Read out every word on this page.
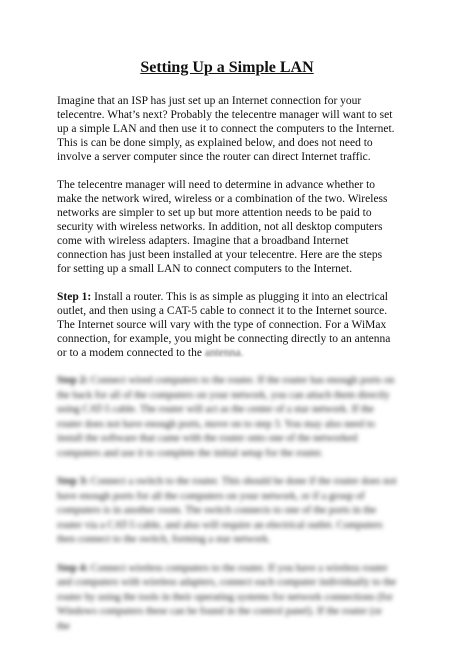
Setting Up a Simple LAN

Imagine that an ISP has just set up an Internet connection for your telecentre. What’s next? Probably the telecentre manager will want to set up a simple LAN and then use it to connect the computers to the Internet. This is can be done simply, as explained below, and does not need to involve a server computer since the router can direct Internet traffic.

The telecentre manager will need to determine in advance whether to make the network wired, wireless or a combination of the two. Wireless networks are simpler to set up but more attention needs to be paid to security with wireless networks. In addition, not all desktop computers come with wireless adapters. Imagine that a broadband Internet connection has just been installed at your telecentre. Here are the steps for setting up a small LAN to connect computers to the Internet.

Step 1: Install a router. This is as simple as plugging it into an electrical outlet, and then using a CAT-5 cable to connect it to the Internet source. The Internet source will vary with the type of connection. For a WiMax connection, for example, you might be connecting directly to an antenna or to a modem connected to the antenna.

Step 2: Connect wired computers to the router. If the router has enough ports on the back for all of the computers on your network, you can attach them directly using CAT-5 cable. The router will act as the center of a star network. If the router does not have enough ports, move on to step 3. You may also need to install the software that came with the router onto one of the networked computers and use it to complete the initial setup for the router.

Step 3: Connect a switch to the router. This should be done if the router does not have enough ports for all the computers on your network, or if a group of computers is in another room. The switch connects to one of the ports in the router via a CAT-5 cable, and also will require an electrical outlet. Computers then connect to the switch, forming a star network.

Step 4: Connect wireless computers to the router. If you have a wireless router and computers with wireless adapters, connect each computer individually to the router by using the tools in their operating systems for network connections (for Windows computers these can be found in the control panel). If the router (or the
